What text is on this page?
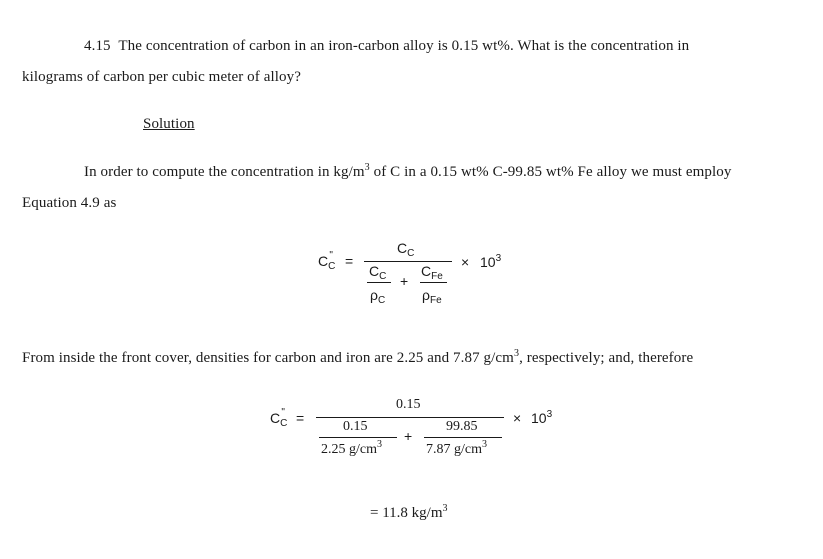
4.15 The concentration of carbon in an iron-carbon alloy is 0.15 wt%. What is the concentration in
kilograms of carbon per cubic meter of alloy?
Solution
In order to compute the concentration in $kg/m^3$ of C in a 0.15 wt% C-99.85 wt% Fe alloy we must employ
Equation 4.9 as
$C_C^"$ =
$C_C$
$C_C$
$\rho_C$
+
$C_{Fe}$
$\rho_{Fe}$
× $10^3$
From inside the front cover, densities for carbon and iron are 2.25 and 7.87 $g/cm^3$, respectively; and, therefore
$C_C^"$ =
0.15
0.15
2.25 $g/cm^3$
+
99.85
7.87 $g/cm^3$
× $10^3$
= 11.8 $kg/m^3$
